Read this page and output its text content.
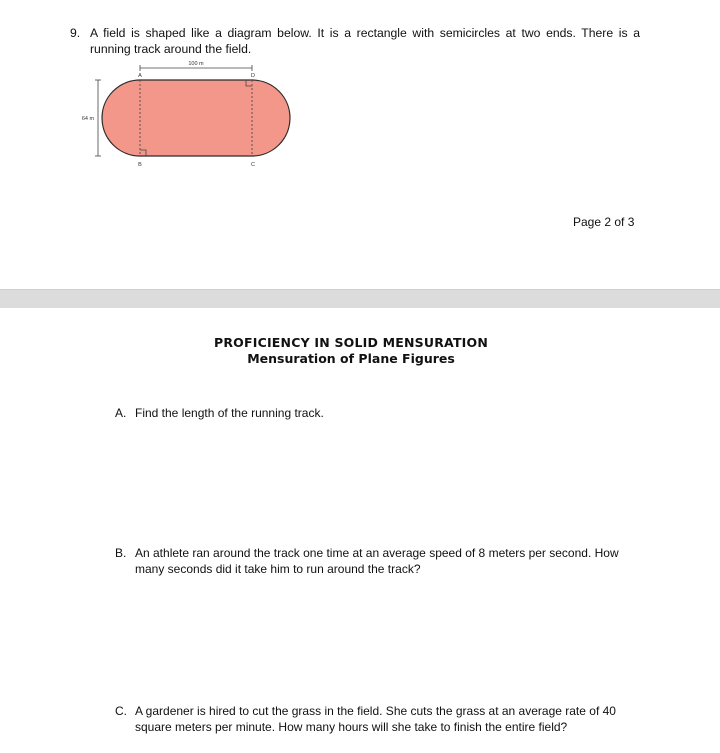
9. A field is shaped like a diagram below. It is a rectangle with semicircles at two ends. There is a running track around the field.
100 m
64 m
A
B	C
D
Page 2 of 3
PROFICIENCY IN SOLID MENSURATION
Mensuration of Plane Figures
A. Find the length of the running track.
B. An athlete ran around the track one time at an average speed of 8 meters per second. How many seconds did it take him to run around the track?
C. A gardener is hired to cut the grass in the field. She cuts the grass at an average rate of 40 square meters per minute. How many hours will she take to finish the entire field?
